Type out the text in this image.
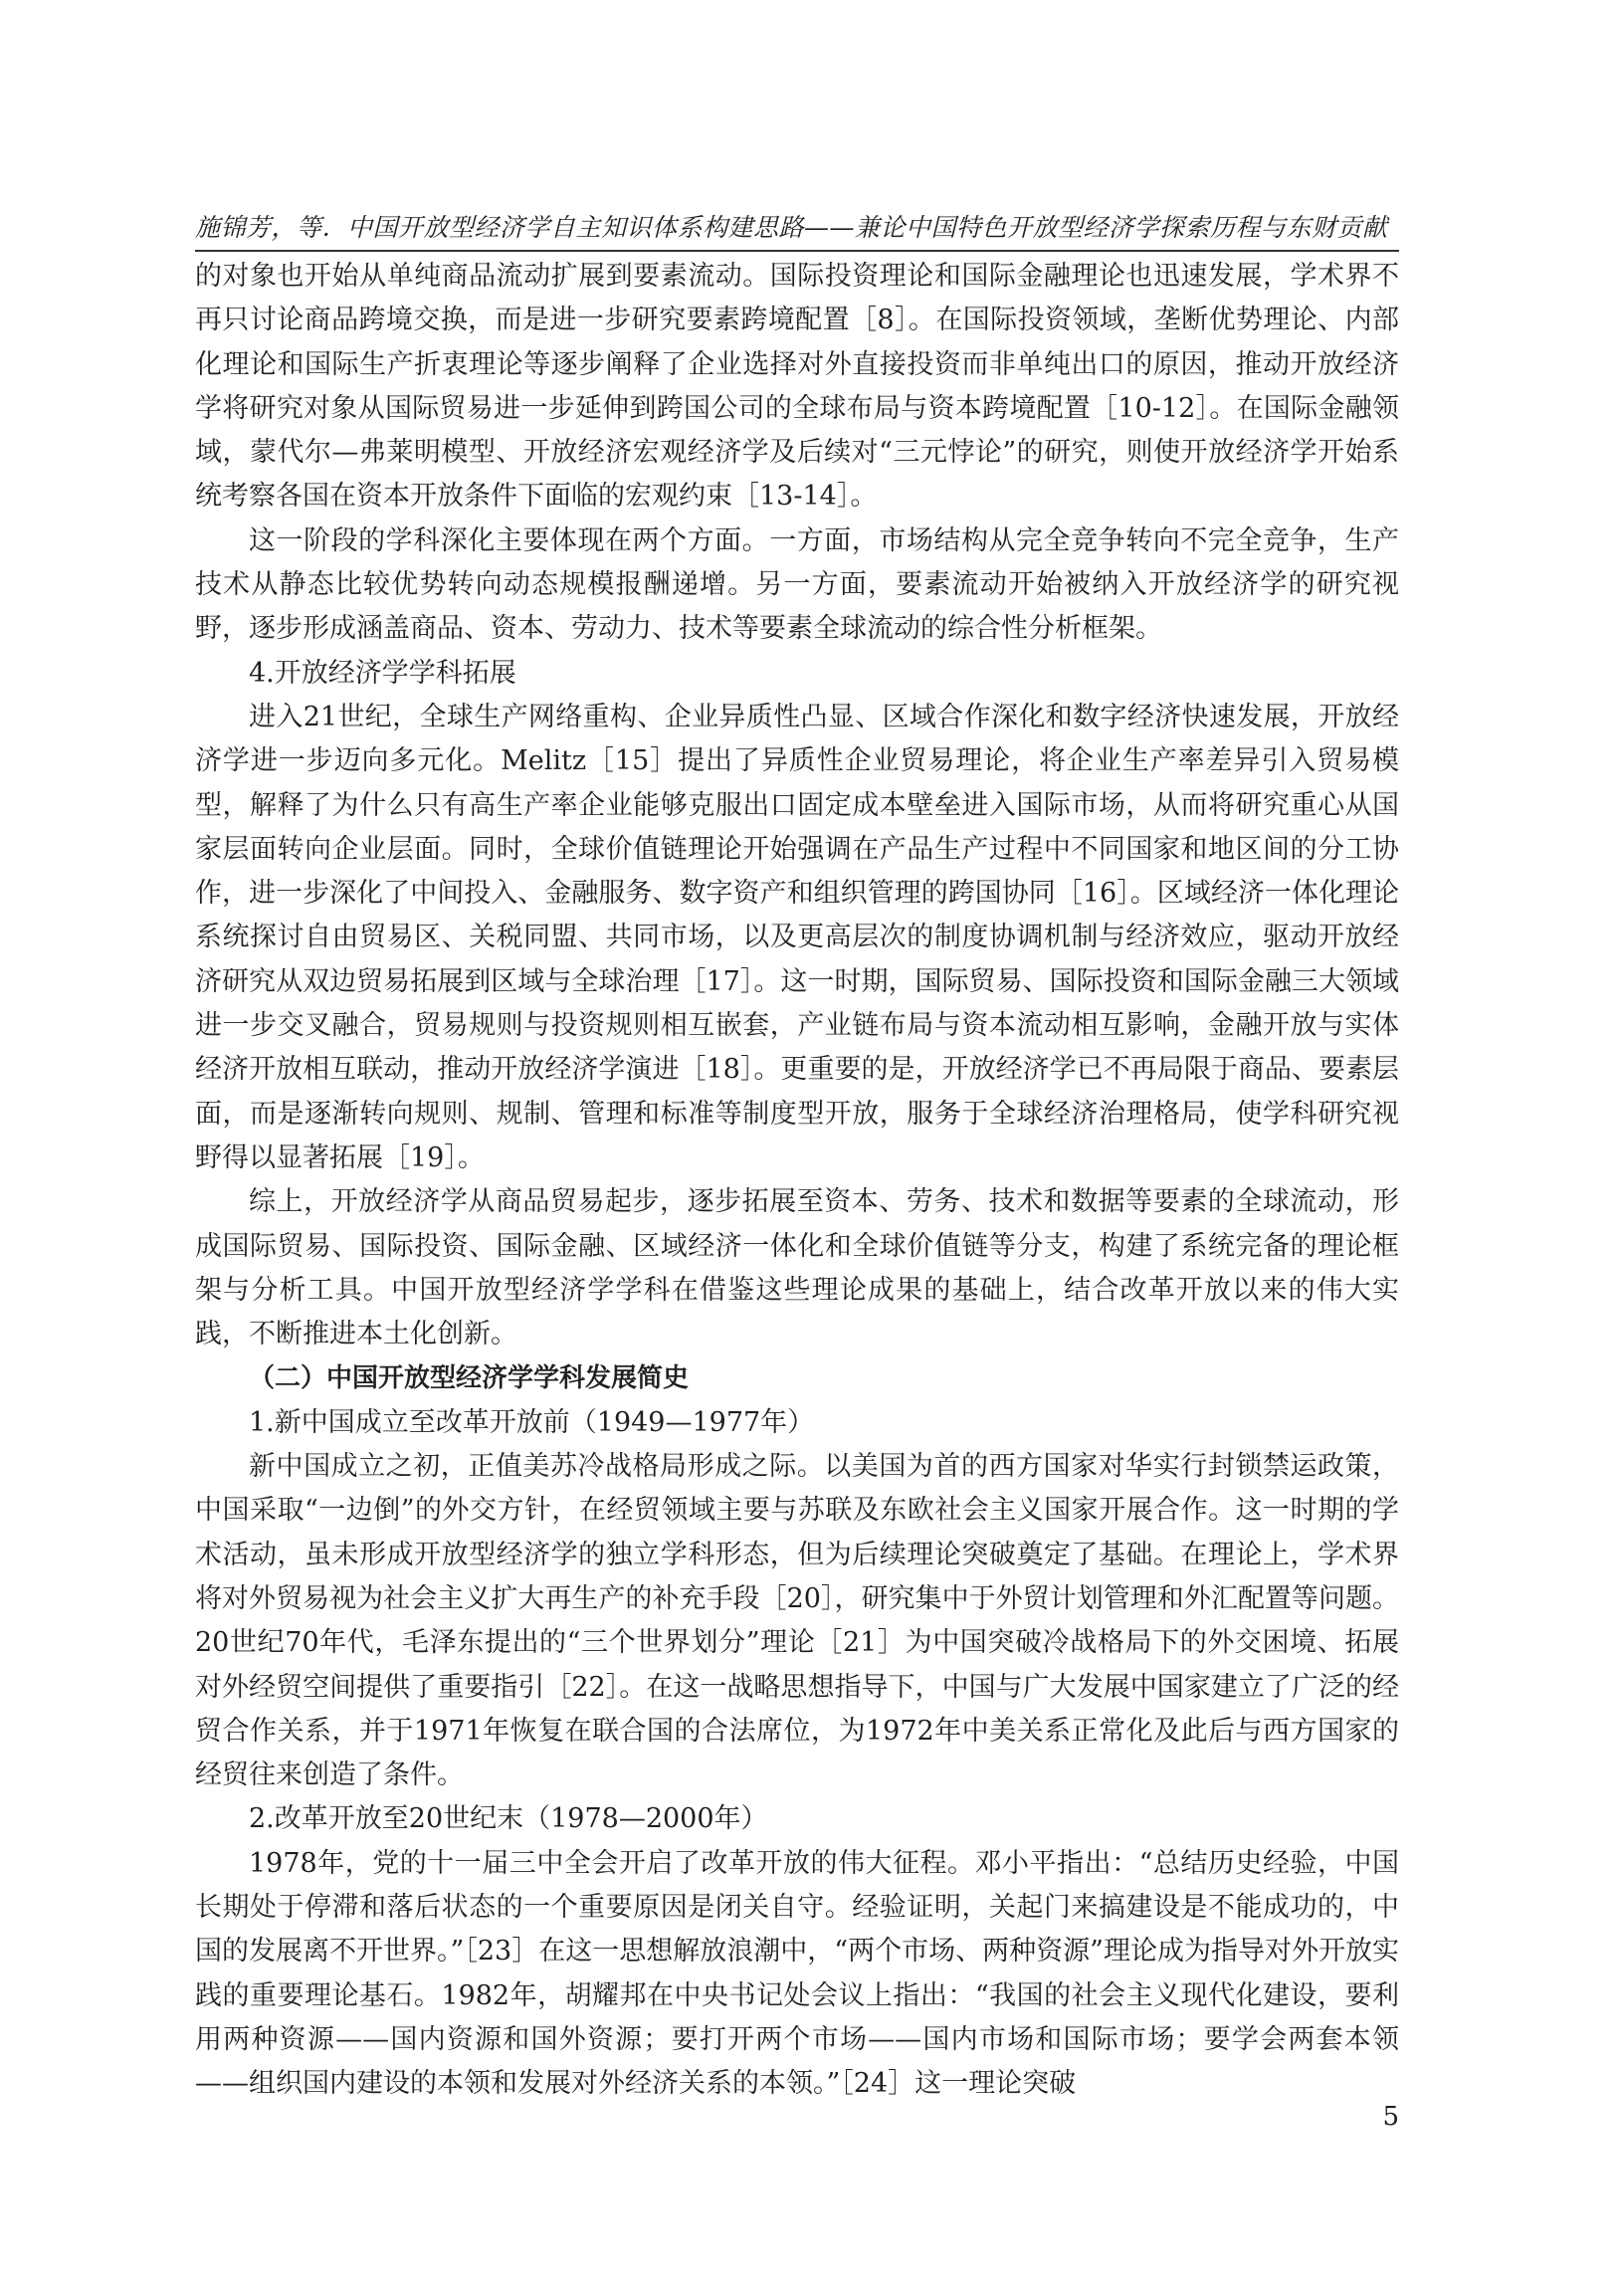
施锦芳，等．中国开放型经济学自主知识体系构建思路——兼论中国特色开放型经济学探索历程与东财贡献

的对象也开始从单纯商品流动扩展到要素流动。国际投资理论和国际金融理论也迅速发展，学术界不再只讨论商品跨境交换，而是进一步研究要素跨境配置［8］。在国际投资领域，垄断优势理论、内部化理论和国际生产折衷理论等逐步阐释了企业选择对外直接投资而非单纯出口的原因，推动开放经济学将研究对象从国际贸易进一步延伸到跨国公司的全球布局与资本跨境配置［10-12］。在国际金融领域，蒙代尔—弗莱明模型、开放经济宏观经济学及后续对“三元悖论”的研究，则使开放经济学开始系统考察各国在资本开放条件下面临的宏观约束［13-14］。

这一阶段的学科深化主要体现在两个方面。一方面，市场结构从完全竞争转向不完全竞争，生产技术从静态比较优势转向动态规模报酬递增。另一方面，要素流动开始被纳入开放经济学的研究视野，逐步形成涵盖商品、资本、劳动力、技术等要素全球流动的综合性分析框架。

4.开放经济学学科拓展

进入21世纪，全球生产网络重构、企业异质性凸显、区域合作深化和数字经济快速发展，开放经济学进一步迈向多元化。Melitz［15］提出了异质性企业贸易理论，将企业生产率差异引入贸易模型，解释了为什么只有高生产率企业能够克服出口固定成本壁垒进入国际市场，从而将研究重心从国家层面转向企业层面。同时，全球价值链理论开始强调在产品生产过程中不同国家和地区间的分工协作，进一步深化了中间投入、金融服务、数字资产和组织管理的跨国协同［16］。区域经济一体化理论系统探讨自由贸易区、关税同盟、共同市场，以及更高层次的制度协调机制与经济效应，驱动开放经济研究从双边贸易拓展到区域与全球治理［17］。这一时期，国际贸易、国际投资和国际金融三大领域进一步交叉融合，贸易规则与投资规则相互嵌套，产业链布局与资本流动相互影响，金融开放与实体经济开放相互联动，推动开放经济学演进［18］。更重要的是，开放经济学已不再局限于商品、要素层面，而是逐渐转向规则、规制、管理和标准等制度型开放，服务于全球经济治理格局，使学科研究视野得以显著拓展［19］。

综上，开放经济学从商品贸易起步，逐步拓展至资本、劳务、技术和数据等要素的全球流动，形成国际贸易、国际投资、国际金融、区域经济一体化和全球价值链等分支，构建了系统完备的理论框架与分析工具。中国开放型经济学学科在借鉴这些理论成果的基础上，结合改革开放以来的伟大实践，不断推进本土化创新。

（二）中国开放型经济学学科发展简史

1.新中国成立至改革开放前（1949—1977年）

新中国成立之初，正值美苏冷战格局形成之际。以美国为首的西方国家对华实行封锁禁运政策，中国采取“一边倒”的外交方针，在经贸领域主要与苏联及东欧社会主义国家开展合作。这一时期的学术活动，虽未形成开放型经济学的独立学科形态，但为后续理论突破奠定了基础。在理论上，学术界将对外贸易视为社会主义扩大再生产的补充手段［20］，研究集中于外贸计划管理和外汇配置等问题。20世纪70年代，毛泽东提出的“三个世界划分”理论［21］为中国突破冷战格局下的外交困境、拓展对外经贸空间提供了重要指引［22］。在这一战略思想指导下，中国与广大发展中国家建立了广泛的经贸合作关系，并于1971年恢复在联合国的合法席位，为1972年中美关系正常化及此后与西方国家的经贸往来创造了条件。

2.改革开放至20世纪末（1978—2000年）

1978年，党的十一届三中全会开启了改革开放的伟大征程。邓小平指出：“总结历史经验，中国长期处于停滞和落后状态的一个重要原因是闭关自守。经验证明，关起门来搞建设是不能成功的，中国的发展离不开世界。”［23］在这一思想解放浪潮中，“两个市场、两种资源”理论成为指导对外开放实践的重要理论基石。1982年，胡耀邦在中央书记处会议上指出：“我国的社会主义现代化建设，要利用两种资源——国内资源和国外资源；要打开两个市场——国内市场和国际市场；要学会两套本领——组织国内建设的本领和发展对外经济关系的本领。”［24］这一理论突破

5
